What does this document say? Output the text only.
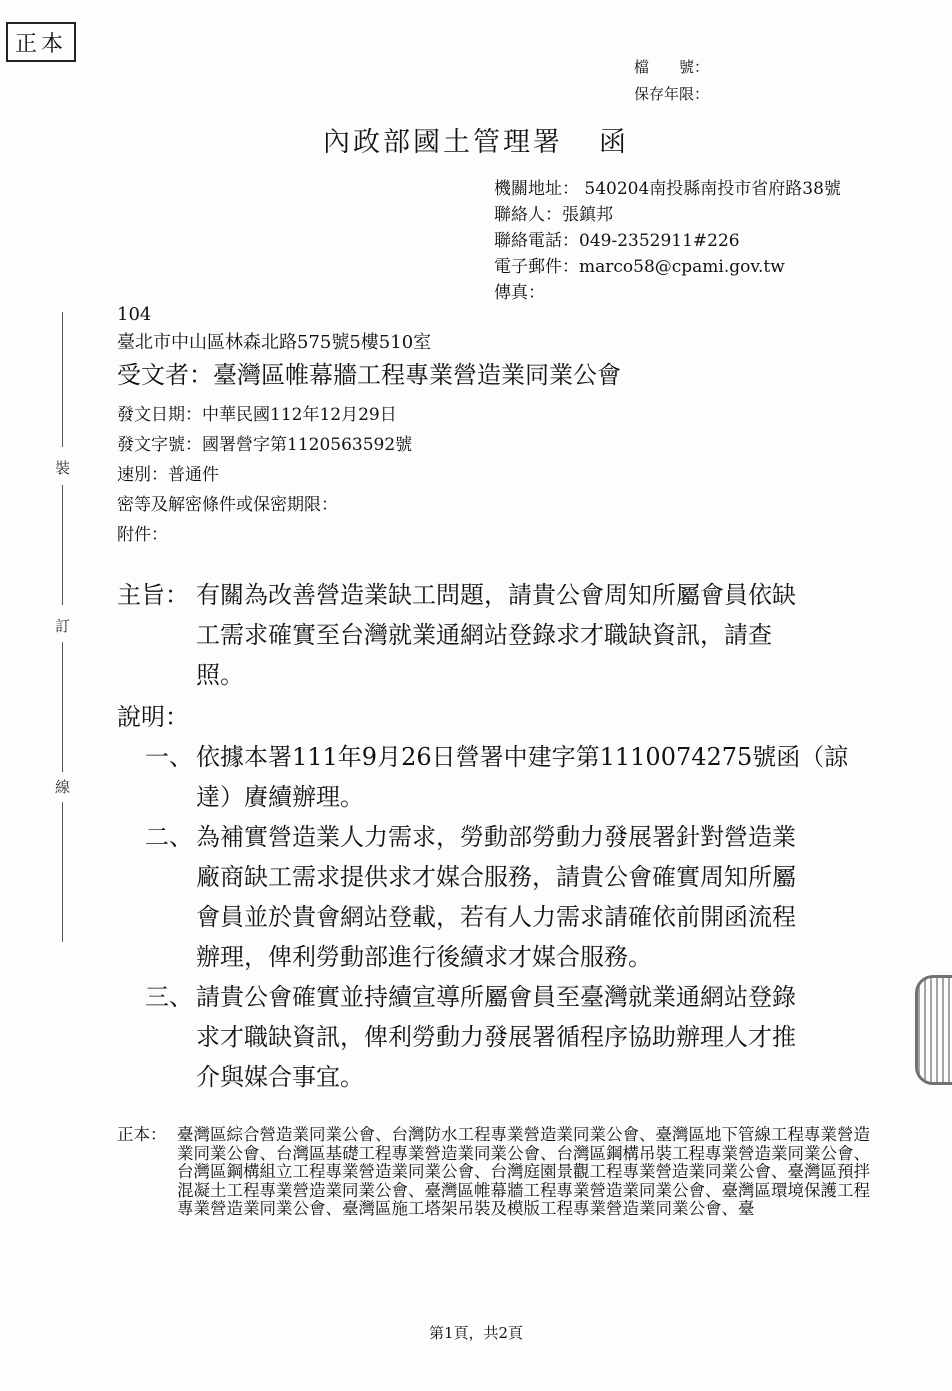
正本
檔　　號：
保存年限：
內政部國土管理署 函
機關地址： 540204南投縣南投市省府路38號
聯絡人：張鎮邦
聯絡電話：049-2352911#226
電子郵件：marco58@cpami.gov.tw
傳真：
裝
訂
線
104
臺北市中山區林森北路575號5樓510室
受文者：臺灣區帷幕牆工程專業營造業同業公會
發文日期：中華民國112年12月29日
發文字號：國署營字第1120563592號
速別：普通件
密等及解密條件或保密期限：
附件：
主旨： 有關為改善營造業缺工問題，請貴公會周知所屬會員依缺
工需求確實至台灣就業通網站登錄求才職缺資訊，請查
照。
說明：
一、 依據本署111年9月26日營署中建字第1110074275號函（諒
達）賡續辦理。
二、 為補實營造業人力需求，勞動部勞動力發展署針對營造業
廠商缺工需求提供求才媒合服務，請貴公會確實周知所屬
會員並於貴會網站登載，若有人力需求請確依前開函流程
辦理，俾利勞動部進行後續求才媒合服務。
三、 請貴公會確實並持續宣導所屬會員至臺灣就業通網站登錄
求才職缺資訊，俾利勞動力發展署循程序協助辦理人才推
介與媒合事宜。
正本： 臺灣區綜合營造業同業公會、台灣防水工程專業營造業同業公會、臺灣區地下管線工程專業營造業同業公會、台灣區基礎工程專業營造業同業公會、台灣區鋼構吊裝工程專業營造業同業公會、台灣區鋼構組立工程專業營造業同業公會、台灣庭園景觀工程專業營造業同業公會、臺灣區預拌混凝土工程專業營造業同業公會、臺灣區帷幕牆工程專業營造業同業公會、臺灣區環境保護工程專業營造業同業公會、臺灣區施工塔架吊裝及模版工程專業營造業同業公會、臺
第1頁，共2頁
